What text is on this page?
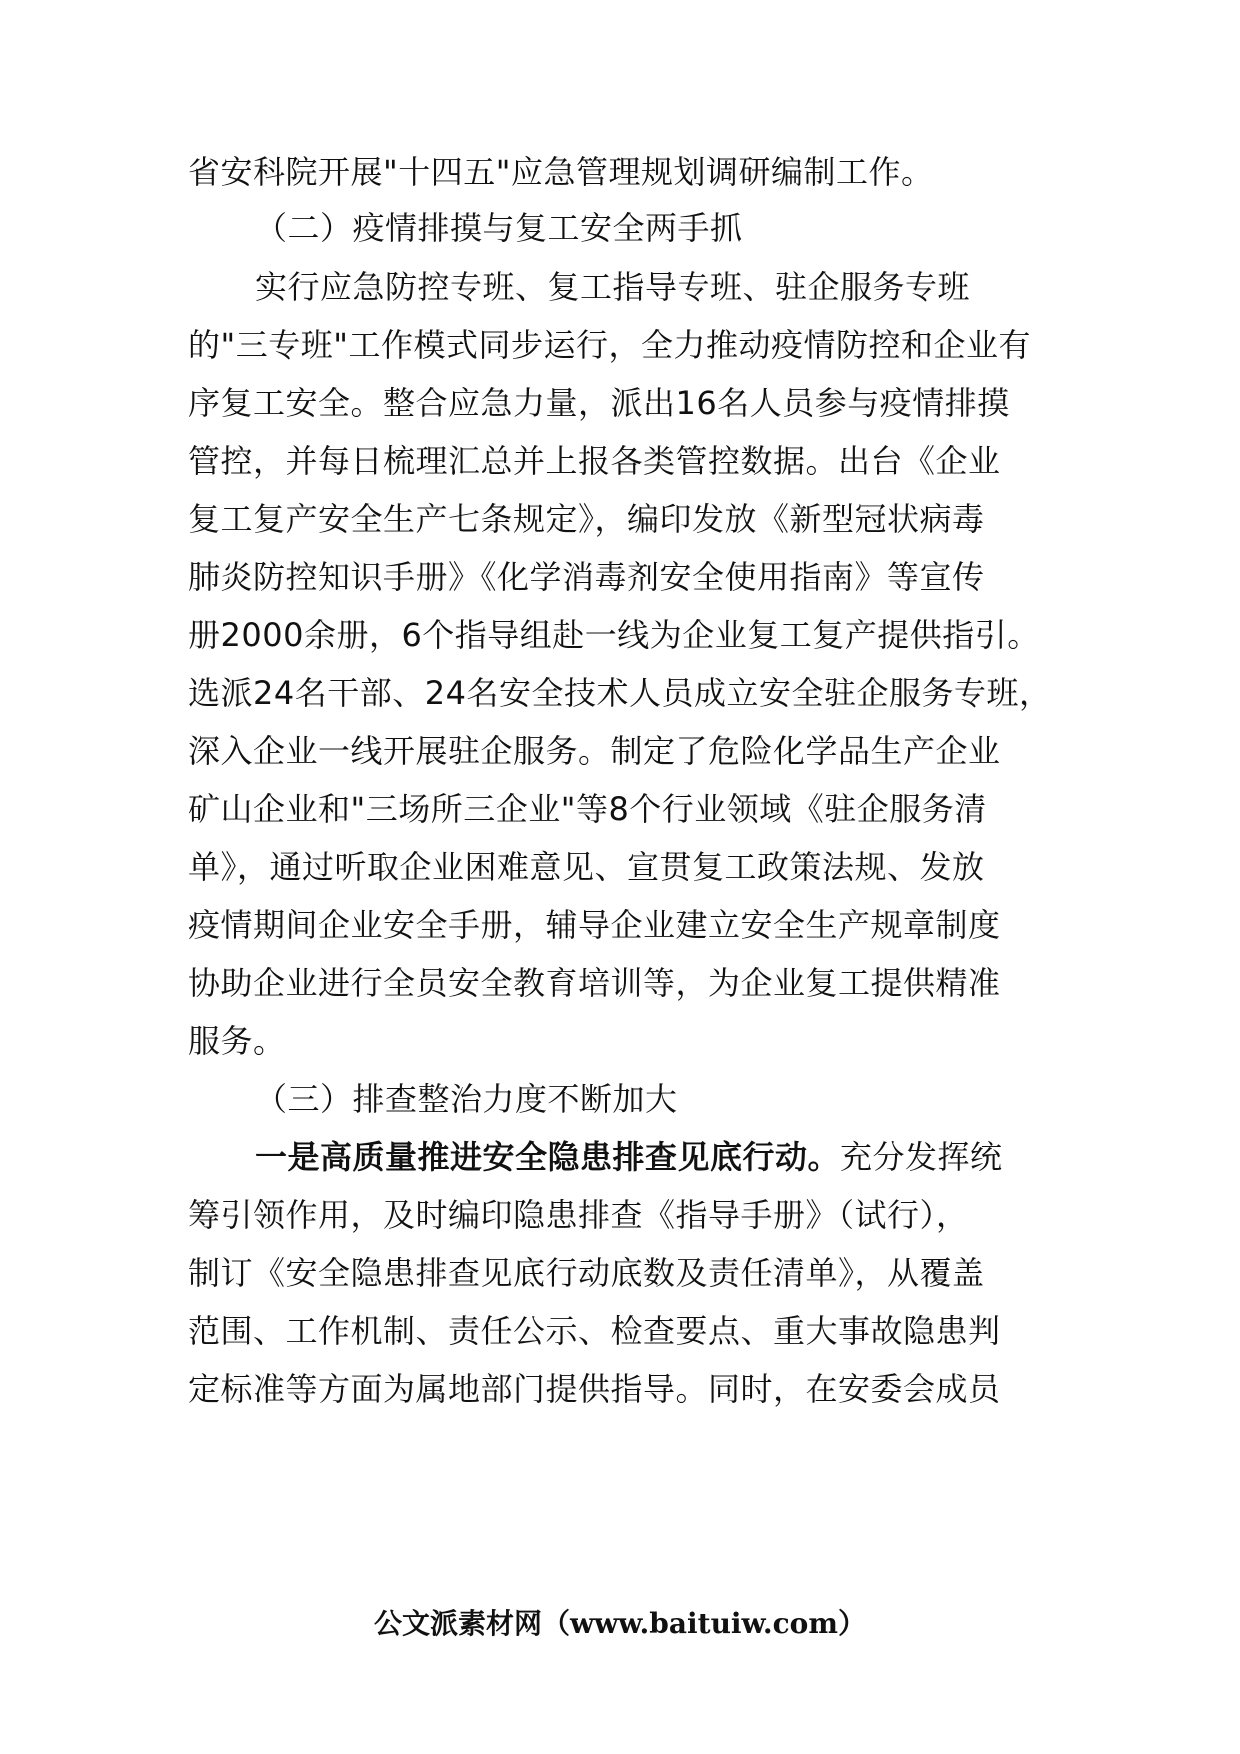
省安科院开展"十四五"应急管理规划调研编制工作。
（二）疫情排摸与复工安全两手抓
实行应急防控专班、复工指导专班、驻企服务专班
的"三专班"工作模式同步运行，全力推动疫情防控和企业有
序复工安全。整合应急力量，派出16名人员参与疫情排摸
管控，并每日梳理汇总并上报各类管控数据。出台《企业
复工复产安全生产七条规定》，编印发放《新型冠状病毒
肺炎防控知识手册》《化学消毒剂安全使用指南》等宣传
册2000余册，6个指导组赴一线为企业复工复产提供指引。
选派24名干部、24名安全技术人员成立安全驻企服务专班，
深入企业一线开展驻企服务。制定了危险化学品生产企业
矿山企业和"三场所三企业"等8个行业领域《驻企服务清
单》，通过听取企业困难意见、宣贯复工政策法规、发放
疫情期间企业安全手册，辅导企业建立安全生产规章制度
协助企业进行全员安全教育培训等，为企业复工提供精准
服务。
（三）排查整治力度不断加大
一是高质量推进安全隐患排查见底行动。充分发挥统
筹引领作用，及时编印隐患排查《指导手册》（试行），
制订《安全隐患排查见底行动底数及责任清单》，从覆盖
范围、工作机制、责任公示、检查要点、重大事故隐患判
定标准等方面为属地部门提供指导。同时，在安委会成员
公文派素材网（www.baituiw.com）
